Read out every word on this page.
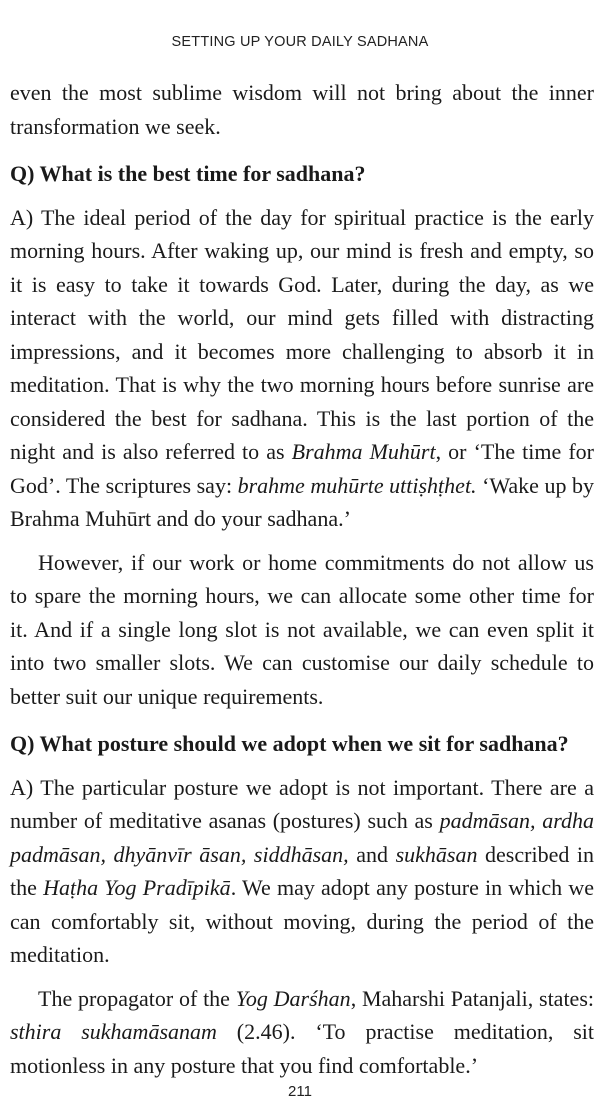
SETTING UP YOUR DAILY SADHANA

even the most sublime wisdom will not bring about the inner transformation we seek.

Q) What is the best time for sadhana?

A) The ideal period of the day for spiritual practice is the early morning hours. After waking up, our mind is fresh and empty, so it is easy to take it towards God. Later, during the day, as we interact with the world, our mind gets filled with distracting impressions, and it becomes more challenging to absorb it in meditation. That is why the two morning hours before sunrise are considered the best for sadhana. This is the last portion of the night and is also referred to as Brahma Muhūrt, or ‘The time for God’. The scriptures say: brahme muhūrte uttiṣhṭhet. ‘Wake up by Brahma Muhūrt and do your sadhana.’

However, if our work or home commitments do not allow us to spare the morning hours, we can allocate some other time for it. And if a single long slot is not available, we can even split it into two smaller slots. We can customise our daily schedule to better suit our unique requirements.

Q) What posture should we adopt when we sit for sadhana?

A) The particular posture we adopt is not important. There are a number of meditative asanas (postures) such as padmāsan, ardha padmāsan, dhyānvīr āsan, siddhāsan, and sukhāsan described in the Haṭha Yog Pradīpikā. We may adopt any posture in which we can comfortably sit, without moving, during the period of the meditation.

The propagator of the Yog Darśhan, Maharshi Patanjali, states: sthira sukhamāsanam (2.46). ‘To practise meditation, sit motionless in any posture that you find comfortable.’

211
